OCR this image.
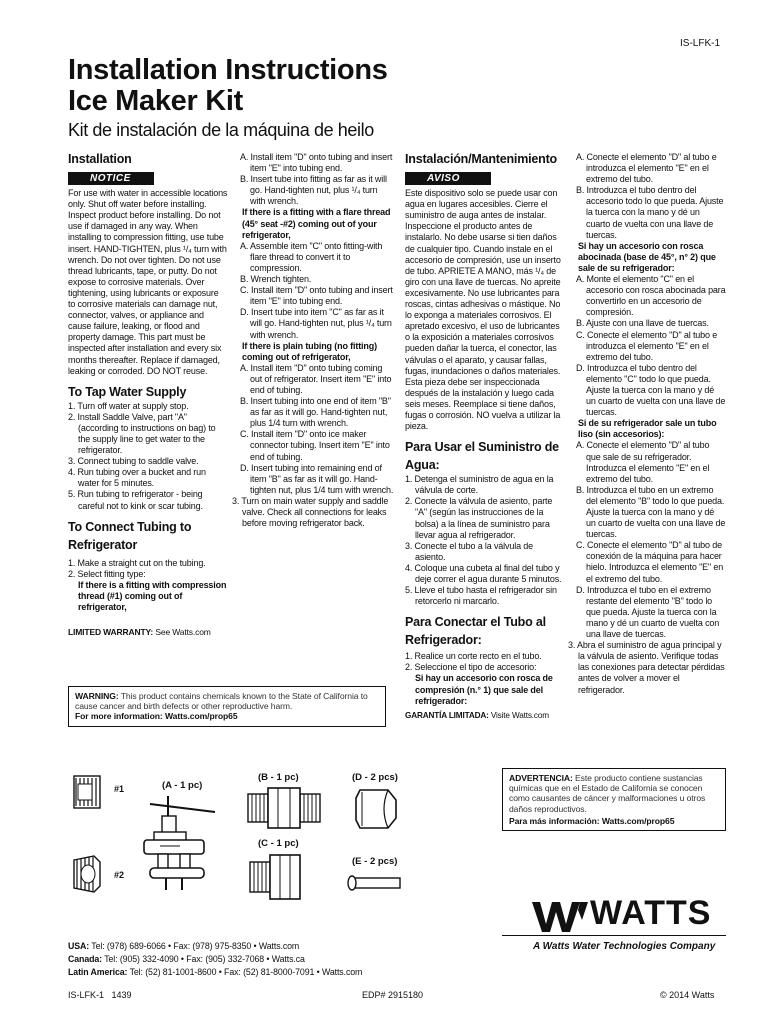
IS-LFK-1
Installation Instructions
Ice Maker Kit
Kit de instalación de la máquina de heilo
Installation
NOTICE

For use with water in accessible locations only. Shut off water before installing. Inspect product before installing. Do not use if damaged in any way. When installing to compression fitting, use tube insert. HAND-TIGHTEN, plus ¹/₄ turn with wrench. Do not over tighten. Do not use thread lubricants, tape, or putty. Do not expose to corrosive materials. Over tightening, using lubricants or exposure to corrosive materials can damage nut, connector, valves, or appliance and cause failure, leaking, or flood and property damage. This part must be inspected after installation and every six months thereafter. Replace if damaged, leaking or corroded. DO NOT reuse.

To Tap Water Supply

1. Turn off water at supply stop.

2. Install Saddle Valve, part "A" (according to instructions on bag) to the supply line to get water to the refrigerator.

3. Connect tubing to saddle valve.

4. Run tubing over a bucket and run water for 5 minutes.

5. Run tubing to refrigerator - being careful not to kink or scar tubing.

To Connect Tubing to Refrigerator

1. Make a straight cut on the tubing.

2. Select fitting type:

If there is a fitting with compression thread (#1) coming out of refrigerator,

LIMITED WARRANTY: See Watts.com

A. Install item "D" onto tubing and insert item "E" into tubing end.

B. Insert tube into fitting as far as it will go. Hand-tighten nut, plus ¹/₄ turn with wrench.

If there is a fitting with a flare thread (45° seat -#2) coming out of your refrigerator,

A. Assemble item "C" onto fitting-with flare thread to convert it to compression.

B. Wrench tighten.

C. Install item "D" onto tubing and insert item "E" into tubing end.

D. Insert tube into item "C" as far as it will go. Hand-tighten nut, plus ¹/₄ turn with wrench.

If there is plain tubing (no fitting) coming out of refrigerator,

A. Install item "D" onto tubing coming out of refrigerator. Insert item "E" into end of tubing.

B. Insert tubing into one end of item "B" as far as it will go. Hand-tighten nut, plus 1/4 turn with wrench.

C. Install item "D" onto ice maker connector tubing. Insert item "E" into end of tubing.

D. Insert tubing into remaining end of item "B" as far as it will go. Hand-tighten nut, plus 1/4 turn with wrench.

3. Turn on main water supply and saddle valve. Check all connections for leaks before moving refrigerator back.

Instalación/Mantenimiento
AVISO

Este dispositivo solo se puede usar con agua en lugares accesibles. Cierre el suministro de auga antes de instalar. Inspeccione el producto antes de instalarlo. No debe usarse si tien daños de cualquier tipo. Cuando instale en el accesorio de compresión, use un inserto de tubo. APRIETE A MANO, más ¹/₄ de giro con una llave de tuercas. No apreite excesivamente. No use lubricantes para roscas, cintas adhesivas o mástique. No lo exponga a materiales corrosivos. El apretado excesivo, el uso de lubricantes o la exposición a materiales corrosivos pueden dañar la tuerca, el conector, las válvulas o el aparato, y causar fallas, fugas, inundaciones o daños materiales. Esta pieza debe ser inspeccionada después de la instalación y luego cada seis meses. Reemplace si tiene daños, fugas o corrosión. NO vuelva a utilizar la pieza.

Para Usar el Suministro de Agua:

1. Detenga el suministro de agua en la válvula de corte.

2. Conecte la válvula de asiento, parte "A" (según las instrucciones de la bolsa) a la línea de suministro para llevar agua al refrigerador.

3. Conecte el tubo a la válvula de asiento.

4. Coloque una cubeta al final del tubo y deje correr el agua durante 5 minutos.

5. Lleve el tubo hasta el refrigerador sin retorcerlo ni marcarlo.

Para Conectar el Tubo al Refrigerador:

1. Realice un corte recto en el tubo.

2. Seleccione el tipo de accesorio:

Si hay un accesorio con rosca de compresión (n.° 1) que sale del refrigerador:

GARANTÍA LIMITADA: Visite Watts.com

A. Conecte el elemento "D" al tubo e introduzca el elemento "E" en el extremo del tubo.

B. Introduzca el tubo dentro del accesorio todo lo que pueda. Ajuste la tuerca con la mano y dé un cuarto de vuelta con una llave de tuercas.

Si hay un accesorio con rosca abocinada (base de 45°, n° 2) que sale de su refrigerador:

A. Monte el elemento "C" en el accesorio con rosca abocinada para convertirlo en un accesorio de compresión.

B. Ajuste con una llave de tuercas.

C. Conecte el elemento "D" al tubo e introduzca el elemento "E" en el extremo del tubo.

D. Introduzca el tubo dentro del elemento "C" todo lo que pueda. Ajuste la tuerca con la mano y dé un cuarto de vuelta con una llave de tuercas.

Si de su refrigerador sale un tubo liso (sin accesorios):

A. Conecte el elemento "D" al tubo que sale de su refrigerador. Introduzca el elemento "E" en el extremo del tubo.

B. Introduzca el tubo en un extremo del elemento "B" todo lo que pueda. Ajuste la tuerca con la mano y dé un cuarto de vuelta con una llave de tuercas.

C. Conecte el elemento "D" al tubo de conexión de la máquina para hacer hielo. Introduzca el elemento "E" en el extremo del tubo.

D. Introduzca el tubo en el extremo restante del elemento "B" todo lo que pueda. Ajuste la tuerca con la mano y dé un cuarto de vuelta con una llave de tuercas.

3. Abra el suministro de agua principal y la válvula de asiento. Verifique todas las conexiones para detectar pérdidas antes de volver a mover el refrigerador.

WARNING: This product contains chemicals known to the State of California to cause cancer and birth defects or other reproductive harm.
For more information: Watts.com/prop65
ADVERTENCIA: Este producto contiene sustancias químicas que en el Estado de California se conocen como causantes de cáncer y malformaciones u otros daños reproductivos.
Para más información: Watts.com/prop65
#1
#2
(A - 1 pc)
(B - 1 pc)
(C - 1 pc)
(D - 2 pcs)
(E - 2 pcs)
WATTS
A Watts Water Technologies Company
USA: Tel: (978) 689-6066 • Fax: (978) 975-8350 • Watts.com
Canada: Tel: (905) 332-4090 • Fax: (905) 332-7068 • Watts.ca
Latin America: Tel: (52) 81-1001-8600 • Fax: (52) 81-8000-7091 • Watts.com
IS-LFK-1   1439	EDP# 2915180	© 2014 Watts
